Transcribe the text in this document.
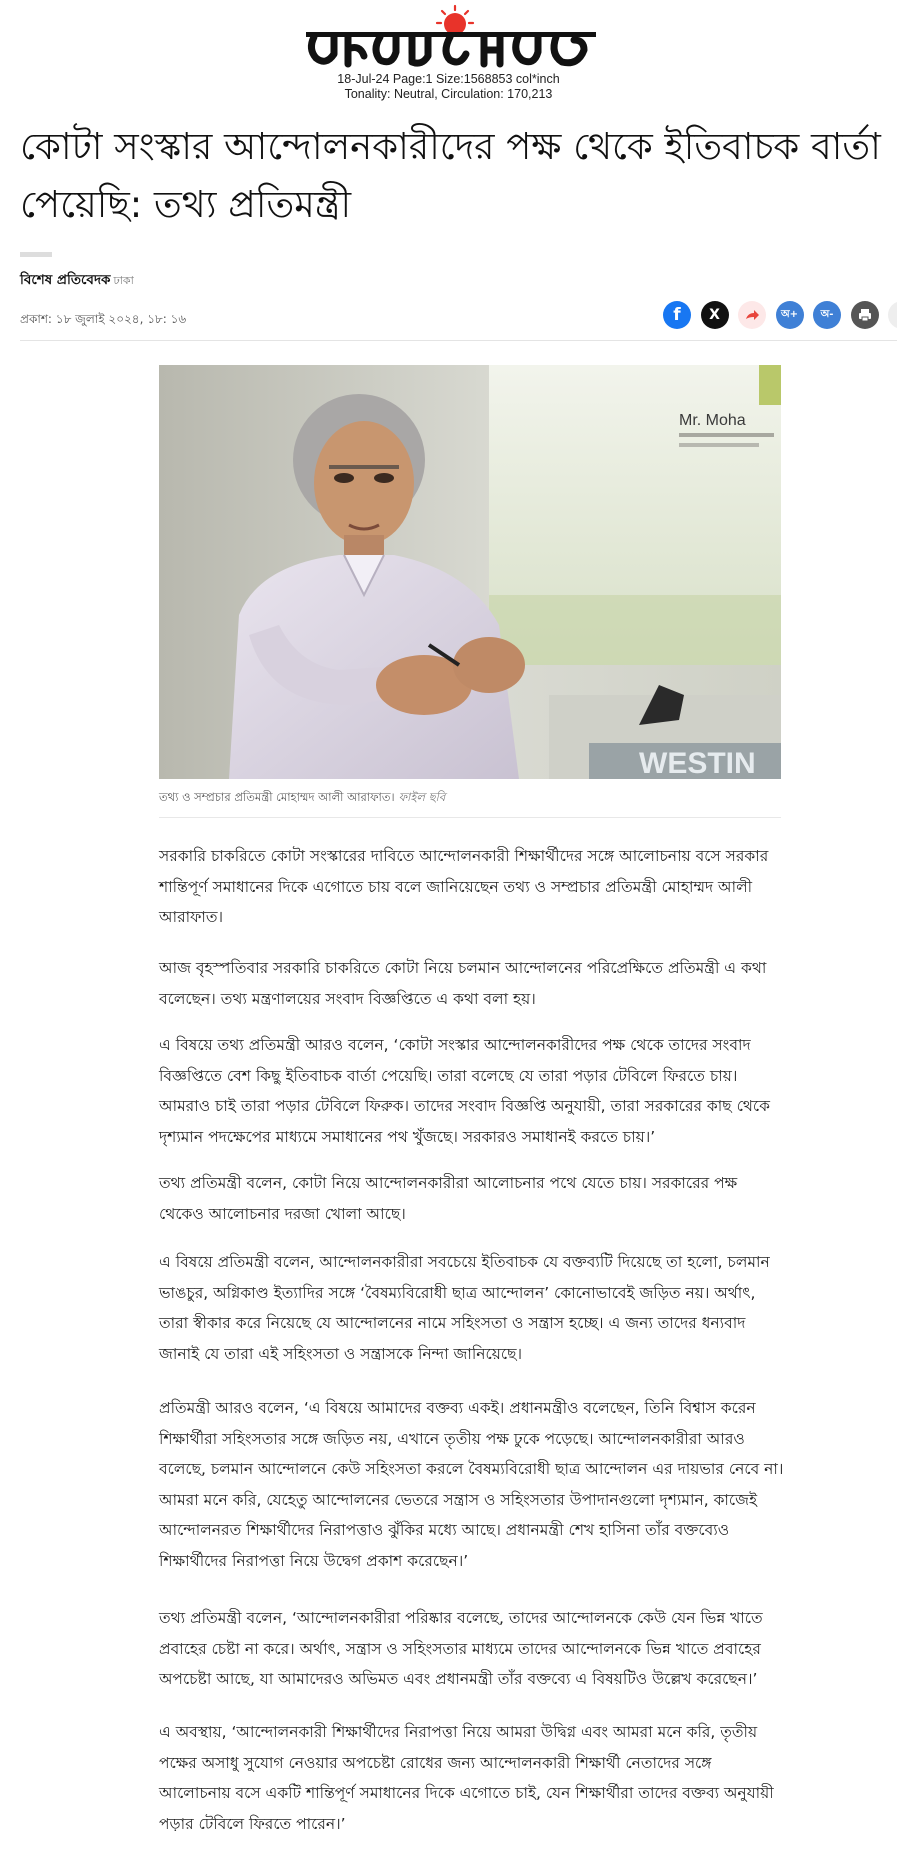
18-Jul-24 Page:1 Size:1568853 col*inch
Tonality: Neutral, Circulation: 170,213
কোটা সংস্কার আন্দোলনকারীদের পক্ষ থেকে ইতিবাচক বার্তা পেয়েছি: তথ্য প্রতিমন্ত্রী
বিশেষ প্রতিবেদক ঢাকা
প্রকাশ: ১৮ জুলাই ২০২৪, ১৮: ১৬	f X	অ+ অ-
Mr. Moha
WESTIN
তথ্য ও সম্প্রচার প্রতিমন্ত্রী মোহাম্মদ আলী আরাফাত। ফাইল ছবি

সরকারি চাকরিতে কোটা সংস্কারের দাবিতে আন্দোলনকারী শিক্ষার্থীদের সঙ্গে আলোচনায় বসে সরকার শান্তিপূর্ণ সমাধানের দিকে এগোতে চায় বলে জানিয়েছেন তথ্য ও সম্প্রচার প্রতিমন্ত্রী মোহাম্মদ আলী আরাফাত।

আজ বৃহস্পতিবার সরকারি চাকরিতে কোটা নিয়ে চলমান আন্দোলনের পরিপ্রেক্ষিতে প্রতিমন্ত্রী এ কথা বলেছেন। তথ্য মন্ত্রণালয়ের সংবাদ বিজ্ঞপ্তিতে এ কথা বলা হয়।

এ বিষয়ে তথ্য প্রতিমন্ত্রী আরও বলেন, ‘কোটা সংস্কার আন্দোলনকারীদের পক্ষ থেকে তাদের সংবাদ বিজ্ঞপ্তিতে বেশ কিছু ইতিবাচক বার্তা পেয়েছি। তারা বলেছে যে তারা পড়ার টেবিলে ফিরতে চায়। আমরাও চাই তারা পড়ার টেবিলে ফিরুক। তাদের সংবাদ বিজ্ঞপ্তি অনুযায়ী, তারা সরকারের কাছ থেকে দৃশ্যমান পদক্ষেপের মাধ্যমে সমাধানের পথ খুঁজছে। সরকারও সমাধানই করতে চায়।’

তথ্য প্রতিমন্ত্রী বলেন, কোটা নিয়ে আন্দোলনকারীরা আলোচনার পথে যেতে চায়। সরকারের পক্ষ থেকেও আলোচনার দরজা খোলা আছে।

এ বিষয়ে প্রতিমন্ত্রী বলেন, আন্দোলনকারীরা সবচেয়ে ইতিবাচক যে বক্তব্যটি দিয়েছে তা হলো, চলমান ভাঙচুর, অগ্নিকাণ্ড ইত্যাদির সঙ্গে ‘বৈষম্যবিরোধী ছাত্র আন্দোলন’ কোনোভাবেই জড়িত নয়। অর্থাৎ, তারা স্বীকার করে নিয়েছে যে আন্দোলনের নামে সহিংসতা ও সন্ত্রাস হচ্ছে। এ জন্য তাদের ধন্যবাদ জানাই যে তারা এই সহিংসতা ও সন্ত্রাসকে নিন্দা জানিয়েছে।

প্রতিমন্ত্রী আরও বলেন, ‘এ বিষয়ে আমাদের বক্তব্য একই। প্রধানমন্ত্রীও বলেছেন, তিনি বিশ্বাস করেন শিক্ষার্থীরা সহিংসতার সঙ্গে জড়িত নয়, এখানে তৃতীয় পক্ষ ঢুকে পড়েছে। আন্দোলনকারীরা আরও বলেছে, চলমান আন্দোলনে কেউ সহিংসতা করলে বৈষম্যবিরোধী ছাত্র আন্দোলন এর দায়ভার নেবে না। আমরা মনে করি, যেহেতু আন্দোলনের ভেতরে সন্ত্রাস ও সহিংসতার উপাদানগুলো দৃশ্যমান, কাজেই আন্দোলনরত শিক্ষার্থীদের নিরাপত্তাও ঝুঁকির মধ্যে আছে। প্রধানমন্ত্রী শেখ হাসিনা তাঁর বক্তব্যেও শিক্ষার্থীদের নিরাপত্তা নিয়ে উদ্বেগ প্রকাশ করেছেন।’

তথ্য প্রতিমন্ত্রী বলেন, ‘আন্দোলনকারীরা পরিষ্কার বলেছে, তাদের আন্দোলনকে কেউ যেন ভিন্ন খাতে প্রবাহের চেষ্টা না করে। অর্থাৎ, সন্ত্রাস ও সহিংসতার মাধ্যমে তাদের আন্দোলনকে ভিন্ন খাতে প্রবাহের অপচেষ্টা আছে, যা আমাদেরও অভিমত এবং প্রধানমন্ত্রী তাঁর বক্তব্যে এ বিষয়টিও উল্লেখ করেছেন।’

এ অবস্থায়, ‘আন্দোলনকারী শিক্ষার্থীদের নিরাপত্তা নিয়ে আমরা উদ্বিগ্ন এবং আমরা মনে করি, তৃতীয় পক্ষের অসাধু সুযোগ নেওয়ার অপচেষ্টা রোধের জন্য আন্দোলনকারী শিক্ষার্থী নেতাদের সঙ্গে আলোচনায় বসে একটি শান্তিপূর্ণ সমাধানের দিকে এগোতে চাই, যেন শিক্ষার্থীরা তাদের বক্তব্য অনুযায়ী পড়ার টেবিলে ফিরতে পারেন।’
